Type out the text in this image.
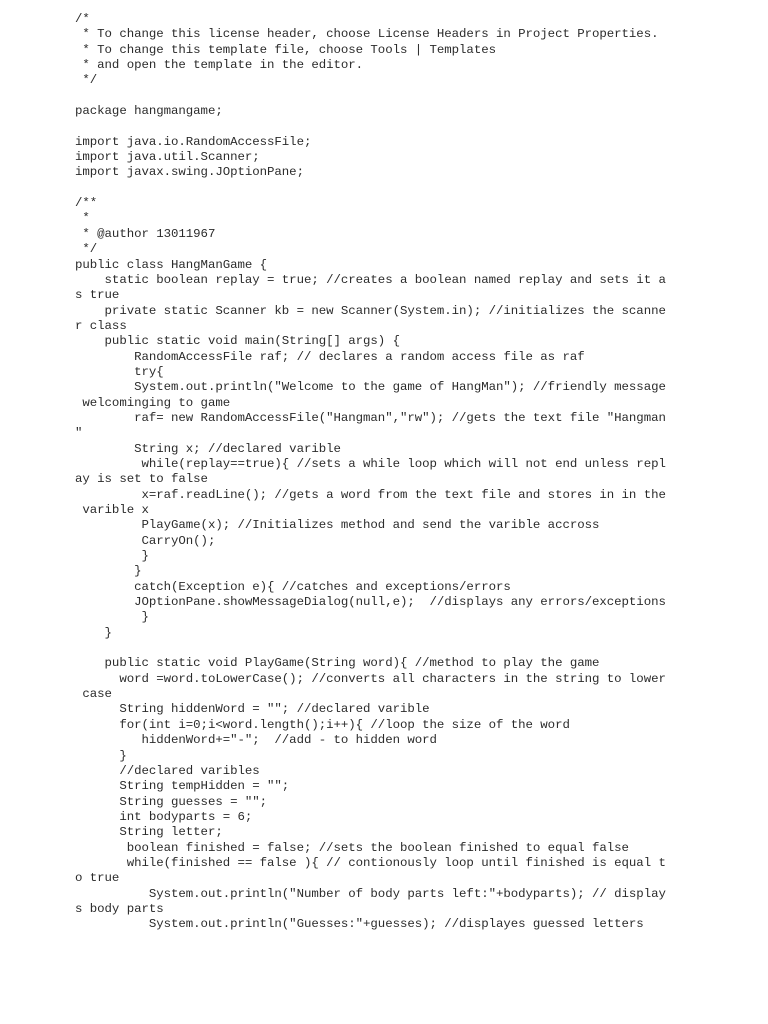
/*
* To change this license header, choose License Headers in Project Properties.
* To change this template file, choose Tools | Templates
* and open the template in the editor.
*/
package hangmangame;
import java.io.RandomAccessFile;
import java.util.Scanner;
import javax.swing.JOptionPane;
/**
*
* @author 13011967
*/
public class HangManGame {
static boolean replay = true; //creates a boolean named replay and sets it a
s true
private static Scanner kb = new Scanner(System.in); //initializes the scanne
r class
public static void main(String[] args) {
RandomAccessFile raf; // declares a random access file as raf
try{
System.out.println("Welcome to the game of HangMan"); //friendly message
welcominging to game
raf= new RandomAccessFile("Hangman","rw"); //gets the text file "Hangman
"
String x; //declared varible
while(replay==true){ //sets a while loop which will not end unless repl
ay is set to false
x=raf.readLine(); //gets a word from the text file and stores in in the
varible x
PlayGame(x); //Initializes method and send the varible accross
CarryOn();
}
}
catch(Exception e){ //catches and exceptions/errors
JOptionPane.showMessageDialog(null,e);  //displays any errors/exceptions
}
}
public static void PlayGame(String word){ //method to play the game
word =word.toLowerCase(); //converts all characters in the string to lower
case
String hiddenWord = ""; //declared varible
for(int i=0;i<word.length();i++){ //loop the size of the word
hiddenWord+="-";  //add - to hidden word
}
//declared varibles
String tempHidden = "";
String guesses = "";
int bodyparts = 6;
String letter;
boolean finished = false; //sets the boolean finished to equal false
while(finished == false ){ // contionously loop until finished is equal t
o true
System.out.println("Number of body parts left:"+bodyparts); // display
s body parts
System.out.println("Guesses:"+guesses); //displayes guessed letters
